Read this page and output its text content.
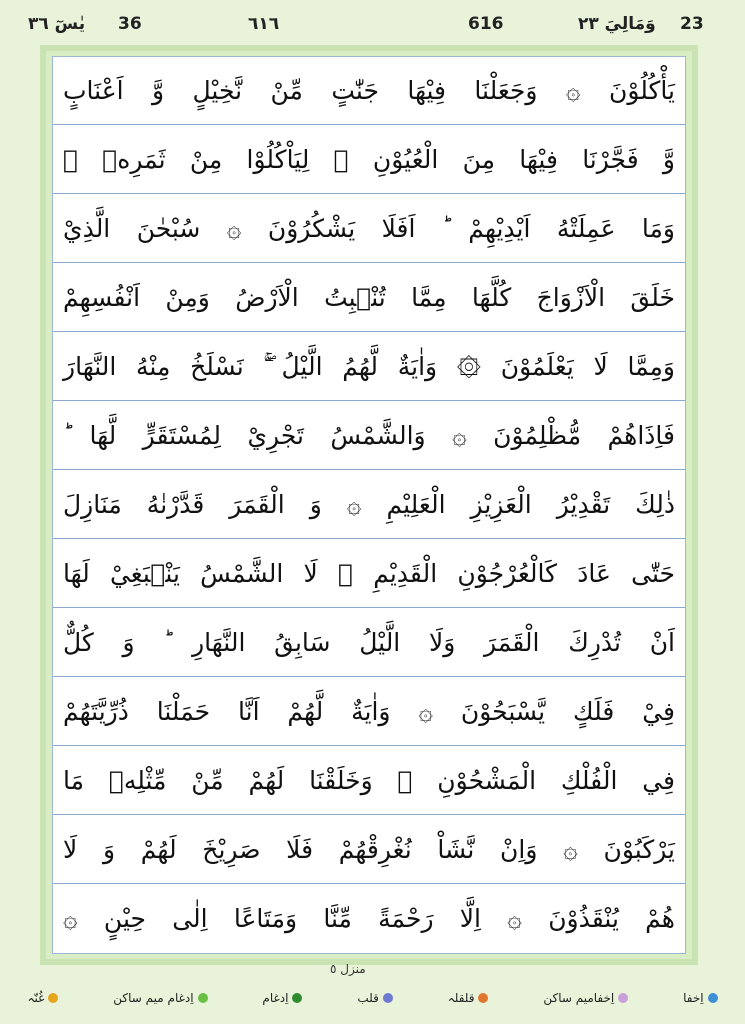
يٰسٓ ٣٦ 36	٦١٦	616	وَمَالِيَ ٢٣ 23
يَأْكُلُوْنَ ۞ وَجَعَلْنَا فِيْهَا جَنّٰتٍ مِّنْ نَّخِيْلٍ وَّ اَعْنَابٍ
وَّ فَجَّرْنَا فِيْهَا مِنَ الْعُيُوْنِ ۞ لِيَاْكُلُوْا مِنْ ثَمَرِهٖ ۙ
وَمَا عَمِلَتْهُ اَيْدِيْهِمْ ؕ اَفَلَا يَشْكُرُوْنَ ۞ سُبْحٰنَ الَّذِيْ
خَلَقَ الْاَزْوَاجَ كُلَّهَا مِمَّا تُنْۢبِتُ الْاَرْضُ وَمِنْ اَنْفُسِهِمْ
وَمِمَّا لَا يَعْلَمُوْنَ ۞ وَاٰيَةٌ لَّهُمُ الَّيْلُ ۖۚ نَسْلَخُ مِنْهُ النَّهَارَ
فَاِذَاهُمْ مُّظْلِمُوْنَ ۞ وَالشَّمْسُ تَجْرِيْ لِمُسْتَقَرٍّ لَّهَا ؕ
ذٰلِكَ تَقْدِيْرُ الْعَزِيْزِ الْعَلِيْمِ ۞ وَ الْقَمَرَ قَدَّرْنٰهُ مَنَازِلَ
حَتّٰى عَادَ كَالْعُرْجُوْنِ الْقَدِيْمِ ۞ لَا الشَّمْسُ يَنْۢبَغِيْ لَهَا
اَنْ تُدْرِكَ الْقَمَرَ وَلَا الَّيْلُ سَابِقُ النَّهَارِ ؕ وَ كُلٌّ
فِيْ فَلَكٍ يَّسْبَحُوْنَ ۞ وَاٰيَةٌ لَّهُمْ اَنَّا حَمَلْنَا ذُرِّيَّتَهُمْ
فِي الْفُلْكِ الْمَشْحُوْنِ ۞ وَخَلَقْنَا لَهُمْ مِّنْ مِّثْلِهٖ مَا
يَرْكَبُوْنَ ۞ وَاِنْ نَّشَاْ نُغْرِقْهُمْ فَلَا صَرِيْخَ لَهُمْ وَ لَا
هُمْ يُنْقَذُوْنَ ۞ اِلَّا رَحْمَةً مِّنَّا وَمَتَاعًا اِلٰى حِيْنٍ ۞
منزل ٥
اِخفا
اِخفامیم ساکن
قلقلہ
قلب
اِدغام
اِدغام میم ساکن
غُنّہ
